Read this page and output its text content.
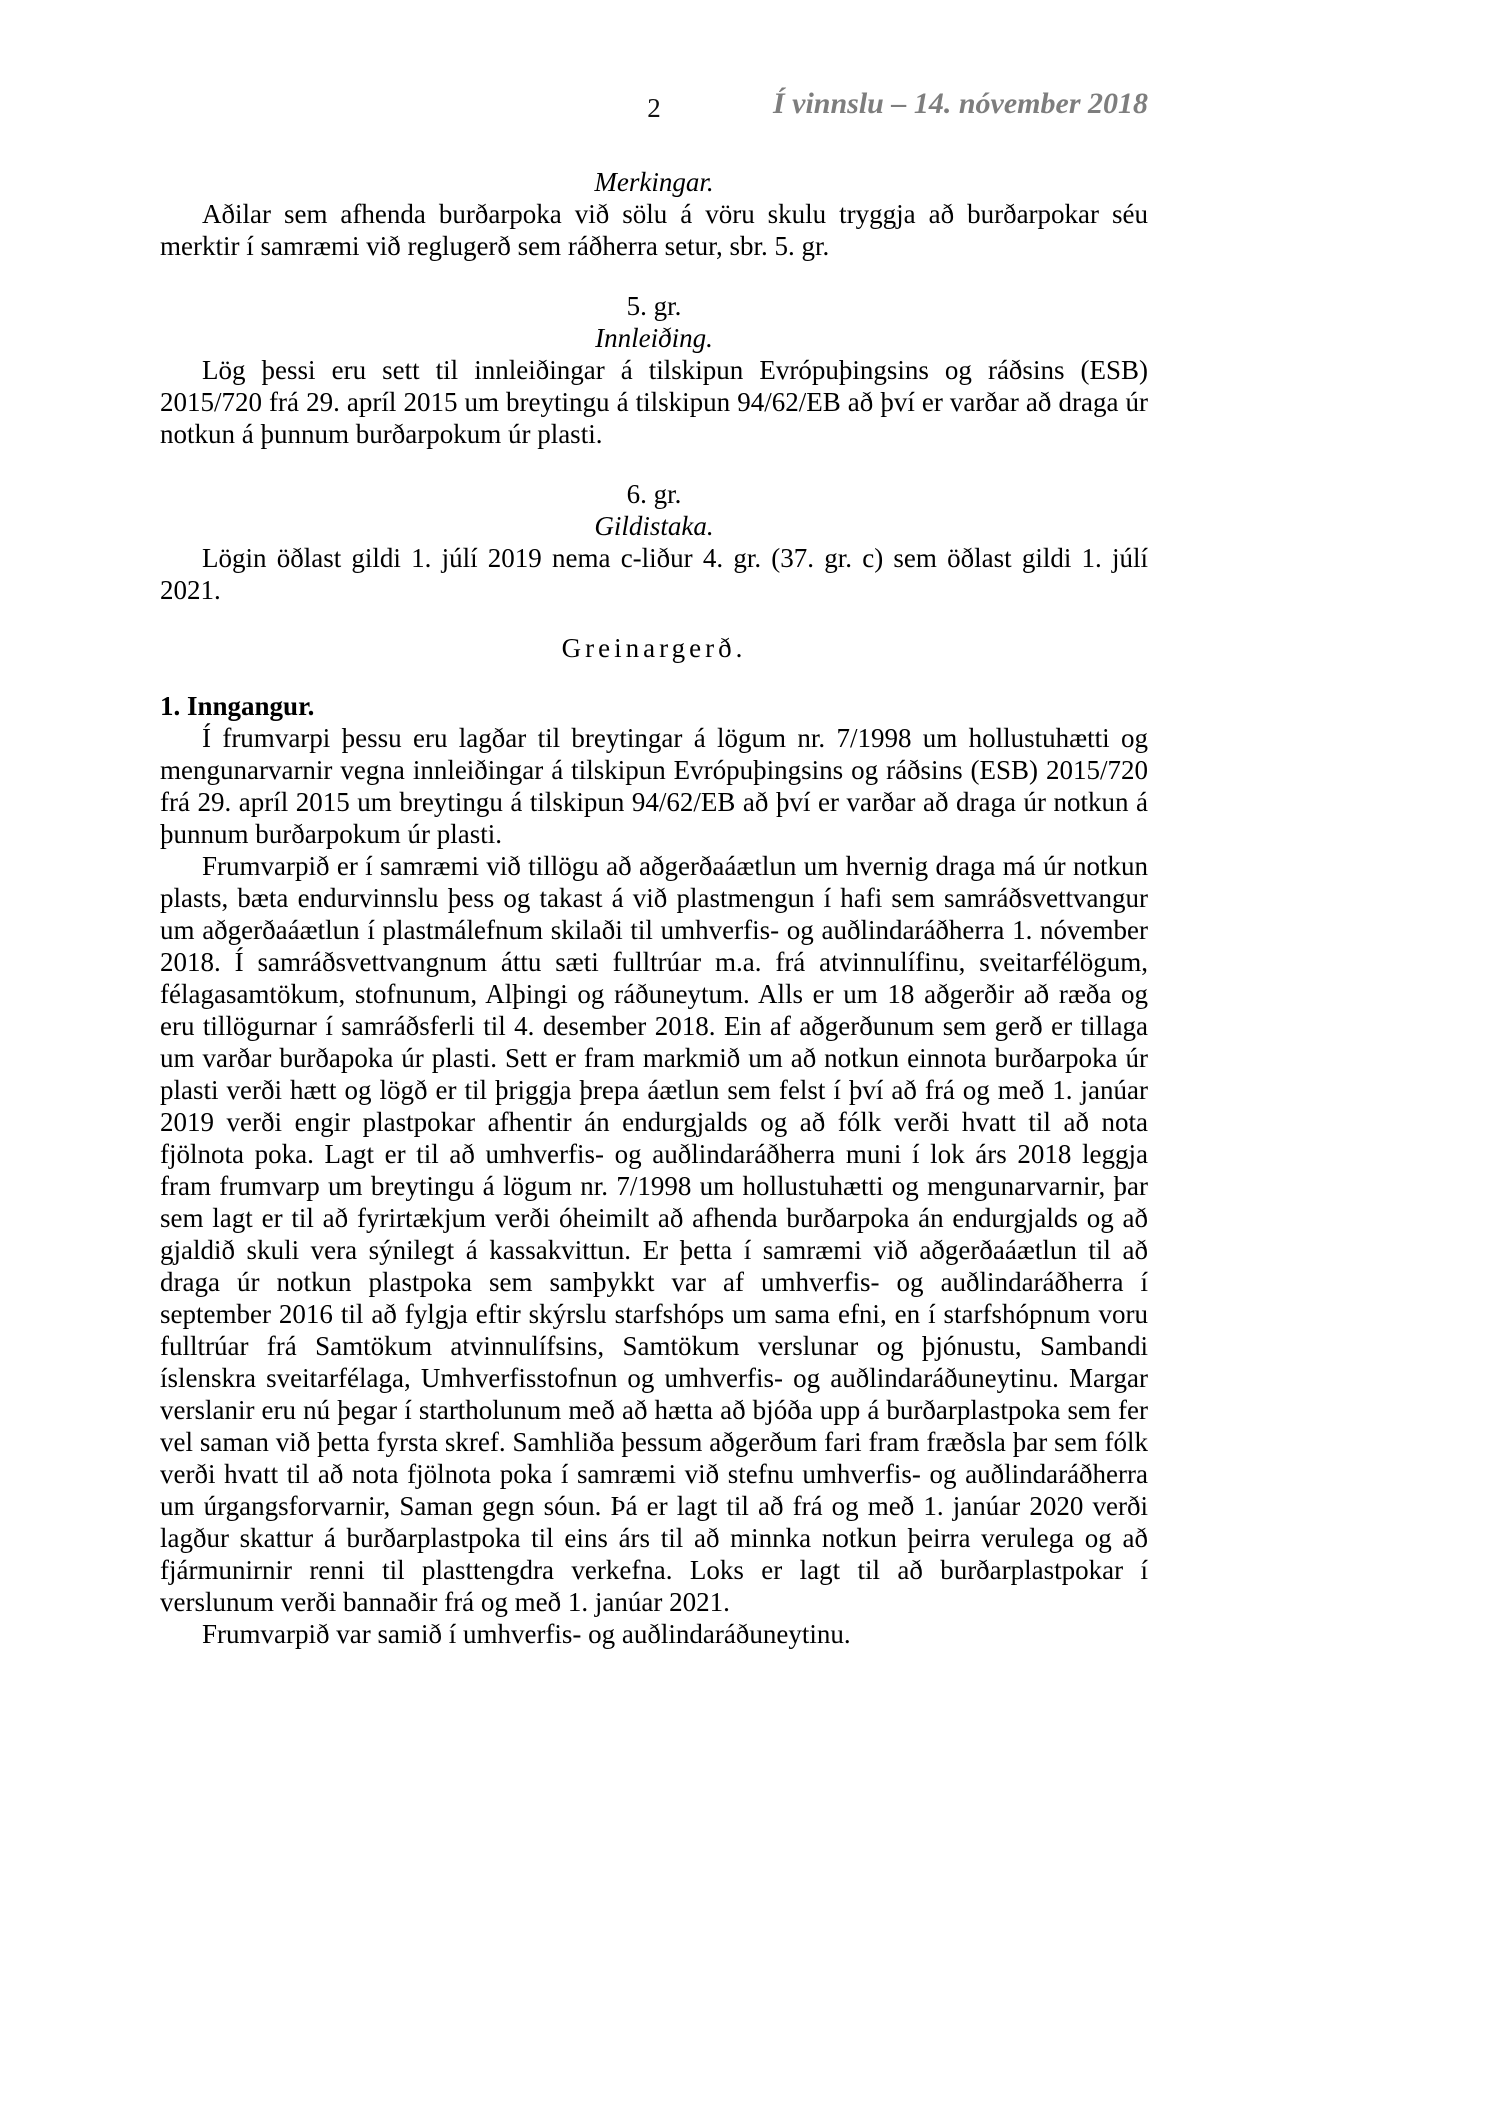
2	Í vinnslu – 14. nóvember 2018
Merkingar.

Aðilar sem afhenda burðarpoka við sölu á vöru skulu tryggja að burðarpokar séu merktir í samræmi við reglugerð sem ráðherra setur, sbr. 5. gr.

5. gr.
Innleiðing.

Lög þessi eru sett til innleiðingar á tilskipun Evrópuþingsins og ráðsins (ESB) 2015/720 frá 29. apríl 2015 um breytingu á tilskipun 94/62/EB að því er varðar að draga úr notkun á þunnum burðarpokum úr plasti.

6. gr.
Gildistaka.

Lögin öðlast gildi 1. júlí 2019 nema c-liður 4. gr. (37. gr. c) sem öðlast gildi 1. júlí 2021.

Greinargerð.
1. Inngangur.

Í frumvarpi þessu eru lagðar til breytingar á lögum nr. 7/1998 um hollustuhætti og mengunarvarnir vegna innleiðingar á tilskipun Evrópuþingsins og ráðsins (ESB) 2015/720 frá 29. apríl 2015 um breytingu á tilskipun 94/62/EB að því er varðar að draga úr notkun á þunnum burðarpokum úr plasti.

Frumvarpið er í samræmi við tillögu að aðgerðaáætlun um hvernig draga má úr notkun plasts, bæta endurvinnslu þess og takast á við plastmengun í hafi sem samráðsvettvangur um aðgerðaáætlun í plastmálefnum skilaði til umhverfis- og auðlindaráðherra 1. nóvember 2018. Í samráðsvettvangnum áttu sæti fulltrúar m.a. frá atvinnulífinu, sveitarfélögum, félagasamtökum, stofnunum, Alþingi og ráðuneytum. Alls er um 18 aðgerðir að ræða og eru tillögurnar í samráðsferli til 4. desember 2018. Ein af aðgerðunum sem gerð er tillaga um varðar burðapoka úr plasti. Sett er fram markmið um að notkun einnota burðarpoka úr plasti verði hætt og lögð er til þriggja þrepa áætlun sem felst í því að frá og með 1. janúar 2019 verði engir plastpokar afhentir án endurgjalds og að fólk verði hvatt til að nota fjölnota poka. Lagt er til að umhverfis- og auðlindaráðherra muni í lok árs 2018 leggja fram frumvarp um breytingu á lögum nr. 7/1998 um hollustuhætti og mengunarvarnir, þar sem lagt er til að fyrirtækjum verði óheimilt að afhenda burðarpoka án endurgjalds og að gjaldið skuli vera sýnilegt á kassakvittun. Er þetta í samræmi við aðgerðaáætlun til að draga úr notkun plastpoka sem samþykkt var af umhverfis- og auðlindaráðherra í september 2016 til að fylgja eftir skýrslu starfshóps um sama efni, en í starfshópnum voru fulltrúar frá Samtökum atvinnulífsins, Samtökum verslunar og þjónustu, Sambandi íslenskra sveitarfélaga, Umhverfisstofnun og umhverfis- og auðlindaráðuneytinu. Margar verslanir eru nú þegar í startholunum með að hætta að bjóða upp á burðarplastpoka sem fer vel saman við þetta fyrsta skref. Samhliða þessum aðgerðum fari fram fræðsla þar sem fólk verði hvatt til að nota fjölnota poka í samræmi við stefnu umhverfis- og auðlindaráðherra um úrgangsforvarnir, Saman gegn sóun. Þá er lagt til að frá og með 1. janúar 2020 verði lagður skattur á burðarplastpoka til eins árs til að minnka notkun þeirra verulega og að fjármunirnir renni til plasttengdra verkefna. Loks er lagt til að burðarplastpokar í verslunum verði bannaðir frá og með 1. janúar 2021.

Frumvarpið var samið í umhverfis- og auðlindaráðuneytinu.
